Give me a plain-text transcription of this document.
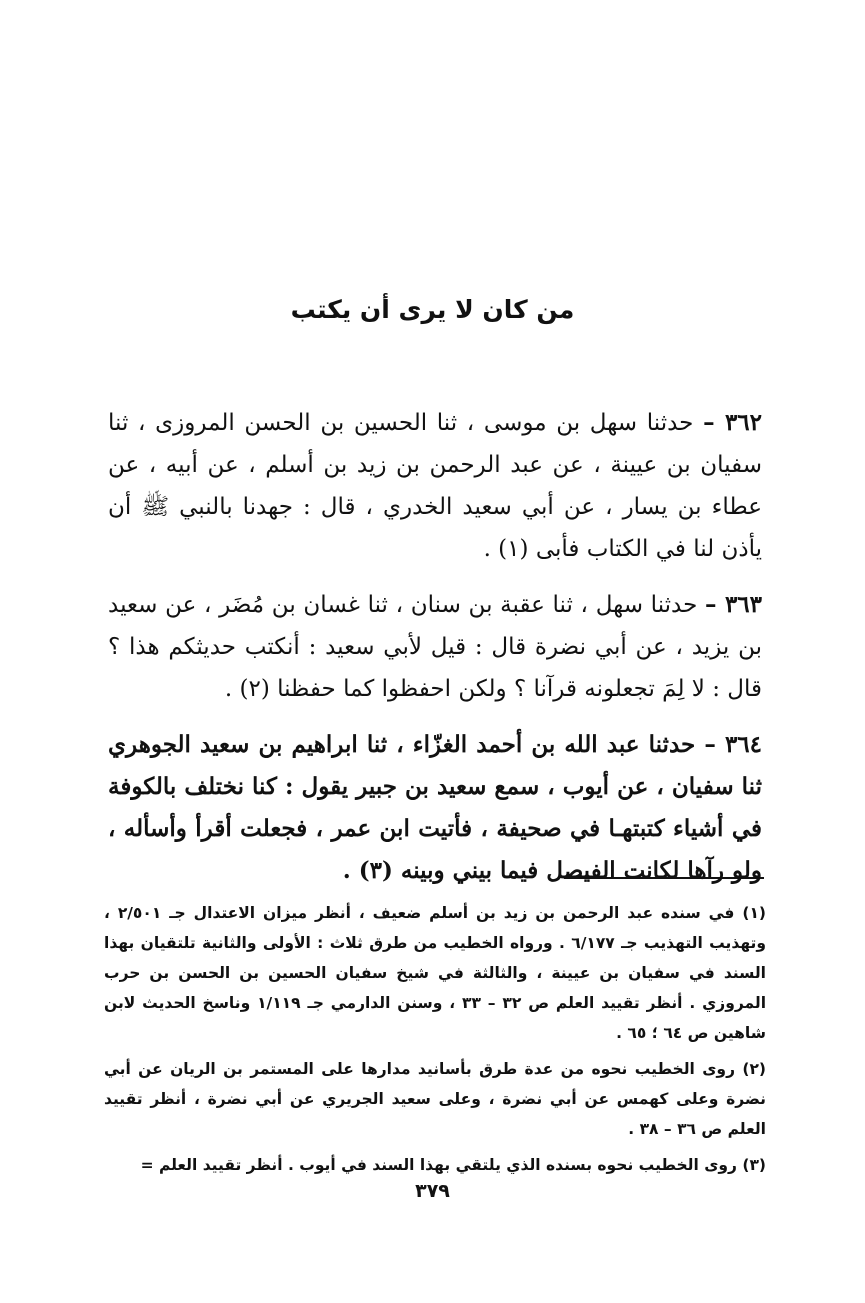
من كان لا يرى أن يكتب

٣٦٢ – حدثنا سهل بن موسى ، ثنا الحسين بن الحسن المروزى ، ثنا سفيان بن عيينة ، عن عبد الرحمن بن زيد بن أسلم ، عن أبيه ، عن عطاء بن يسار ، عن أبي سعيد الخدري ، قال : جهدنا بالنبي ﷺ أن يأذن لنا في الكتاب فأبى (١) .

٣٦٣ – حدثنا سهل ، ثنا عقبة بن سنان ، ثنا غسان بن مُضَر ، عن سعيد بن يزيد ، عن أبي نضرة قال : قيل لأبي سعيد : أنكتب حديثكم هذا ؟ قال : لا لِمَ تجعلونه قرآنا ؟ ولكن احفظوا كما حفظنا (٢) .

٣٦٤ – حدثنا عبد الله بن أحمد الغزّاء ، ثنا ابراهيم بن سعيد الجوهري ثنا سفيان ، عن أيوب ، سمع سعيد بن جبير يقول : كنا نختلف بالكوفة في أشياء كتبتهـا في صحيفة ، فأتيت ابن عمر ، فجعلت أقرأ وأسأله ، ولو رآها لكانت الفيصل فيما بيني وبينه (٣) .

(١) في سنده عبد الرحمن بن زيد بن أسلم ضعيف ، أنظر ميزان الاعتدال جـ ٢/٥٠١ ، وتهذيب التهذيب جـ ٦/١٧٧ . ورواه الخطيب من طرق ثلاث : الأولى والثانية تلتقيان بهذا السند في سفيان بن عيينة ، والثالثة في شيخ سفيان الحسين بن الحسن بن حرب المروزي . أنظر تقييد العلم ص ٣٢ – ٣٣ ، وسنن الدارمي جـ ١/١١٩ وناسخ الحديث لابن شاهين ص ٦٤ ؛ ٦٥ .

(٢) روى الخطيب نحوه من عدة طرق بأسانيد مدارها على المستمر بن الريان عن أبي نضرة وعلى كهمس عن أبي نضرة ، وعلى سعيد الجريري عن أبي نضرة ، أنظر تقييد العلم ص ٣٦ – ٣٨ .

(٣) روى الخطيب نحوه بسنده الذي يلتقي بهذا السند في أيوب . أنظر تقييد العلم =

٣٧٩
